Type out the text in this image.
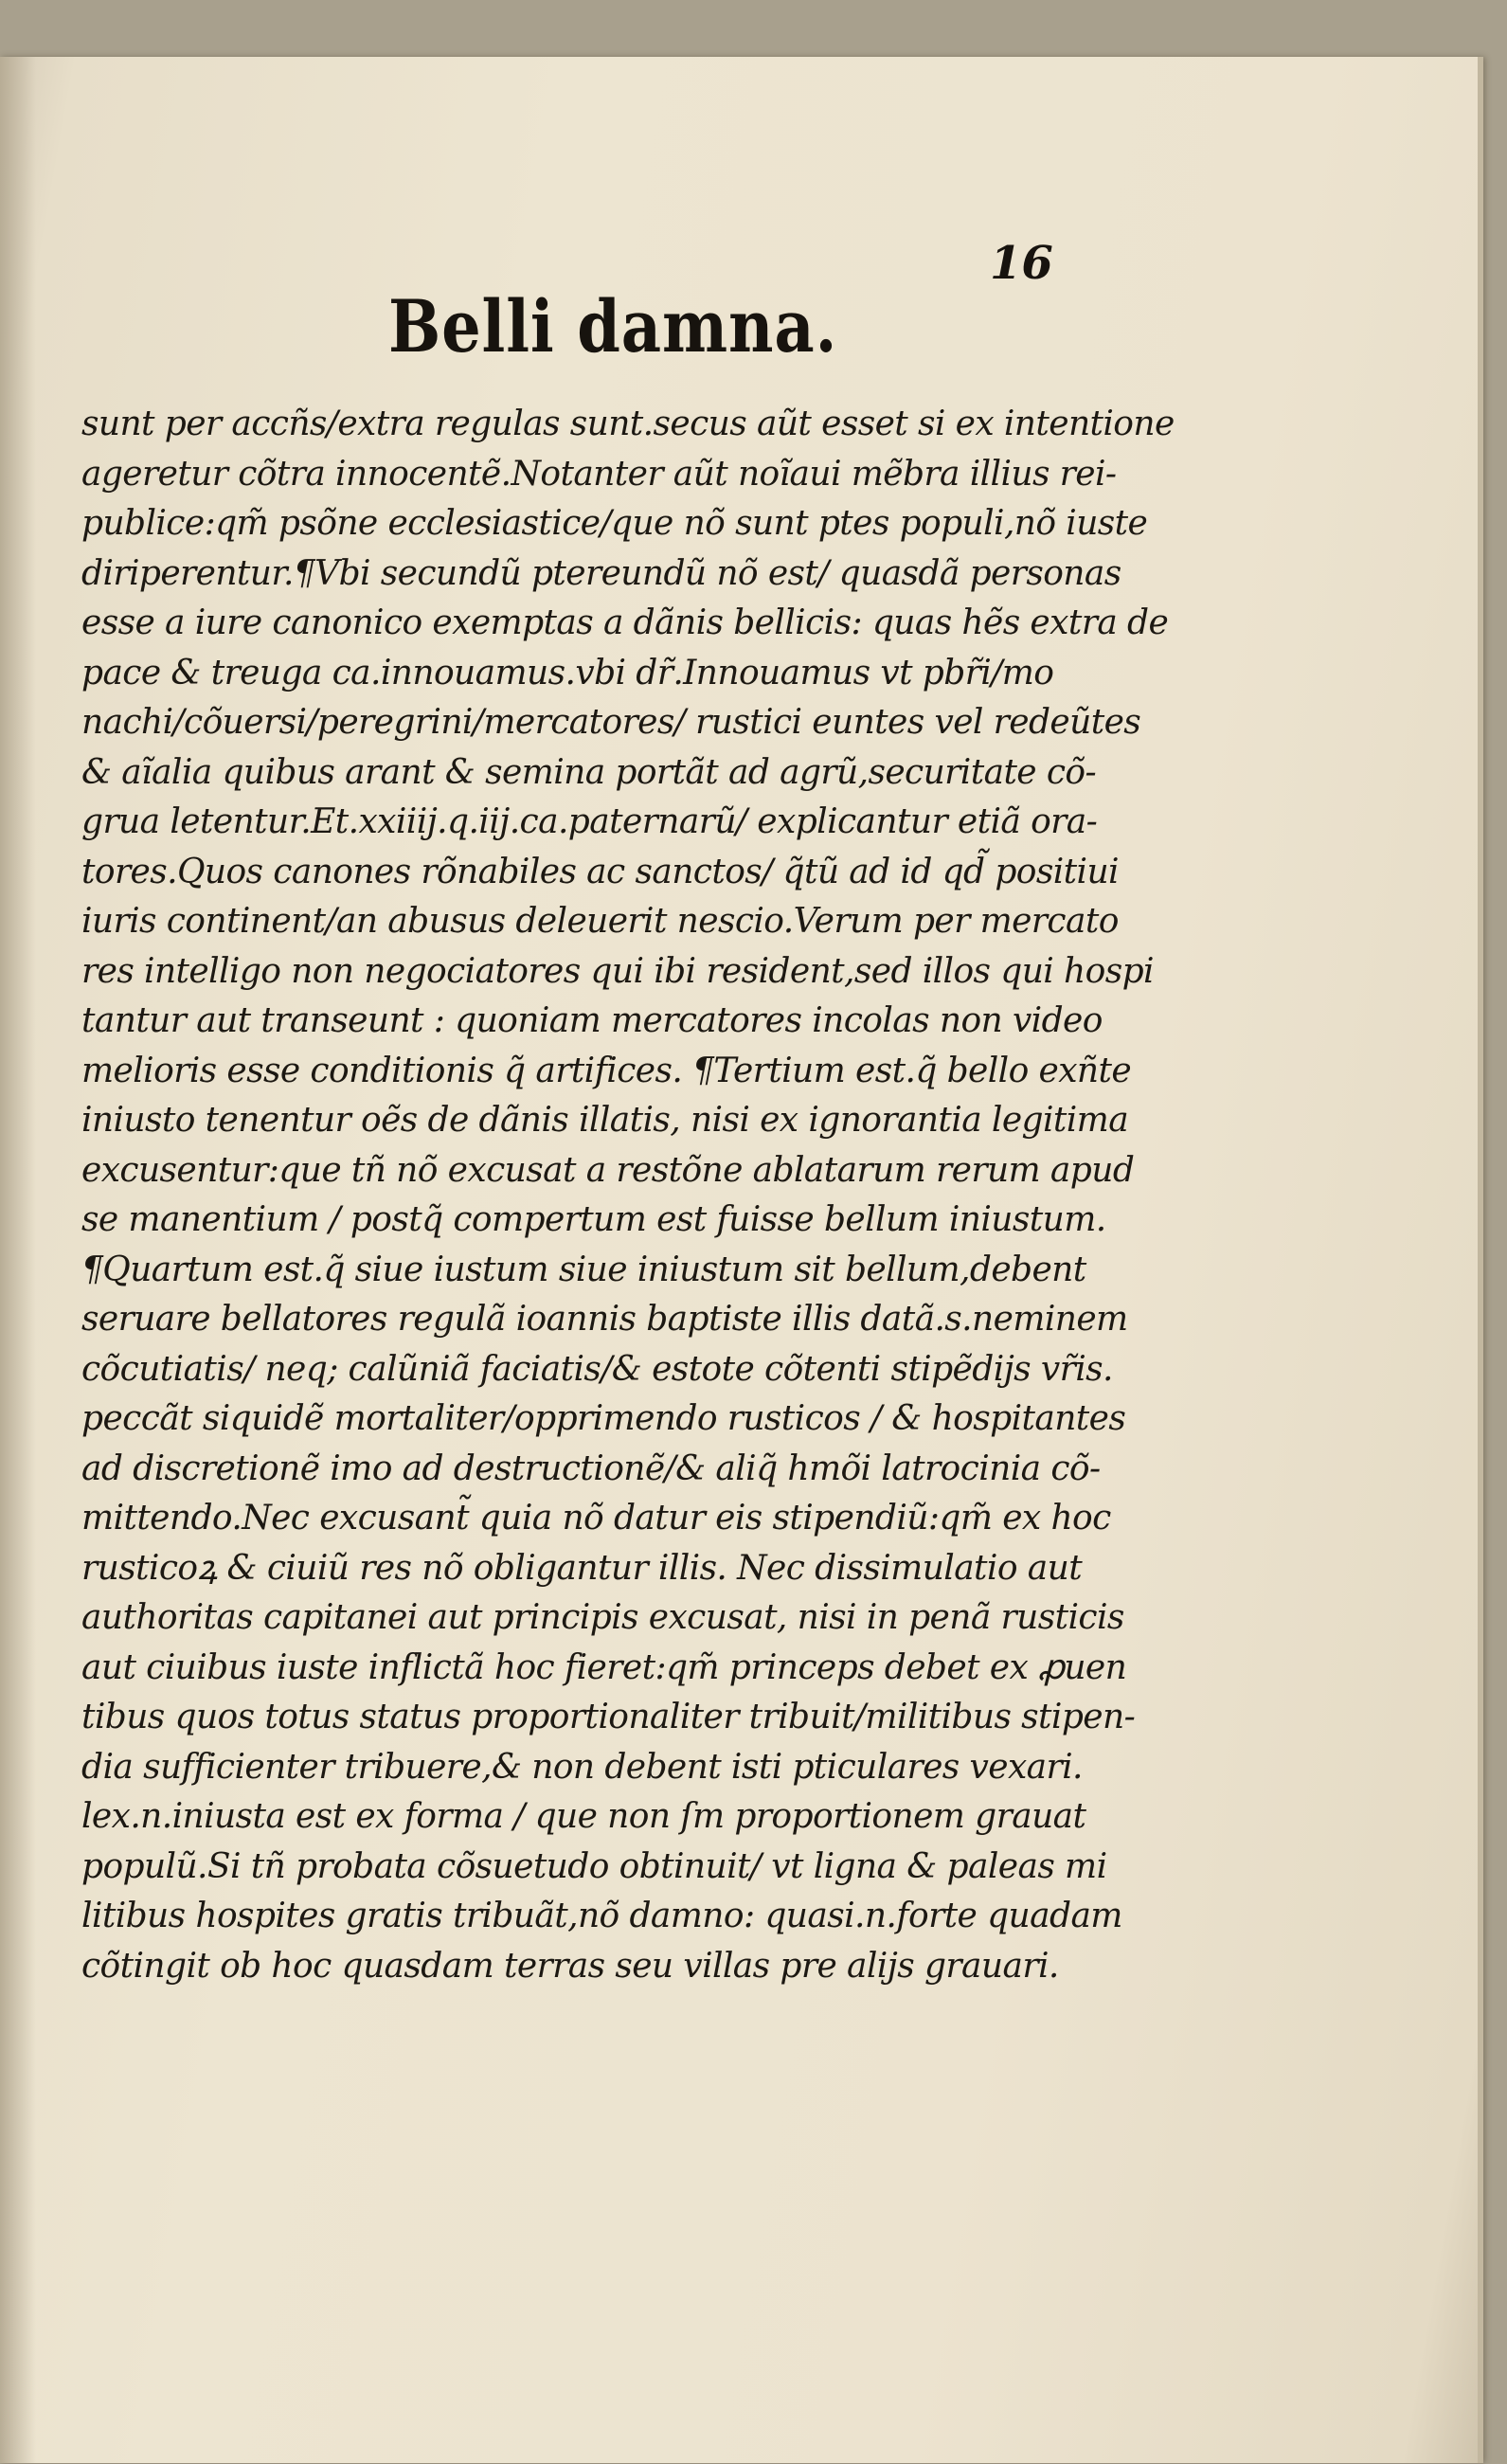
Belli damna.
16
sunt per accñs/extra regulas sunt.secus aũt esset si ex intentione
ageretur cõtra innocentẽ.Notanter aũt noĩaui mẽbra illius rei-
publice:qm̃ psõne ecclesiastice/que nõ sunt ptes populi,nõ iuste
diriperentur.¶Vbi secundũ ptereundũ nõ est/ quasdã personas
esse a iure canonico exemptas a dãnis bellicis: quas hẽs extra de
pace & treuga ca.innouamus.vbi dr̃.Innouamus vt pbr̃i/mo
nachi/cõuersi/peregrini/mercatores/ rustici euntes vel redeũtes
& aĩalia quibus arant & semina portãt ad agrũ,securitate cõ-
grua letentur.Et.xxiiij.q.iij.ca.paternarũ/ explicantur etiã ora-
tores.Quos canones rõnabiles ac sanctos/ q̃tũ ad id qd̃ positiui
iuris continent/an abusus deleuerit nescio.Verum per mercato
res intelligo non negociatores qui ibi resident,sed illos qui hospi
tantur aut transeunt : quoniam mercatores incolas non video
melioris esse conditionis q̃ artifices. ¶Tertium est.q̃ bello exñte
iniusto tenentur oẽs de dãnis illatis, nisi ex ignorantia legitima
excusentur:que tñ nõ excusat a restõne ablatarum rerum apud
se manentium / postq̃ compertum est fuisse bellum iniustum.
¶Quartum est.q̃ siue iustum siue iniustum sit bellum,debent
seruare bellatores regulã ioannis baptiste illis datã.s.neminem
cõcutiatis/ neq; calũniã faciatis/& estote cõtenti stipẽdijs vr̃is.
peccãt siquidẽ mortaliter/opprimendo rusticos / & hospitantes
ad discretionẽ imo ad destructionẽ/& aliq̃ hmõi latrocinia cõ-
mittendo.Nec excusant̃ quia nõ datur eis stipendiũ:qm̃ ex hoc
rusticoꝝ & ciuiũ res nõ obligantur illis. Nec dissimulatio aut
authoritas capitanei aut principis excusat, nisi in penã rusticis
aut ciuibus iuste inflictã hoc fieret:qm̃ princeps debet ex ꝓuen
tibus quos totus status proportionaliter tribuit/militibus stipen-
dia sufficienter tribuere,& non debent isti pticulares vexari.
lex.n.iniusta est ex forma / que non ſm proportionem grauat
populũ.Si tñ probata cõsuetudo obtinuit/ vt ligna & paleas mi
litibus hospites gratis tribuãt,nõ damno: quasi.n.forte quadam
cõtingit ob hoc quasdam terras seu villas pre alijs grauari.
